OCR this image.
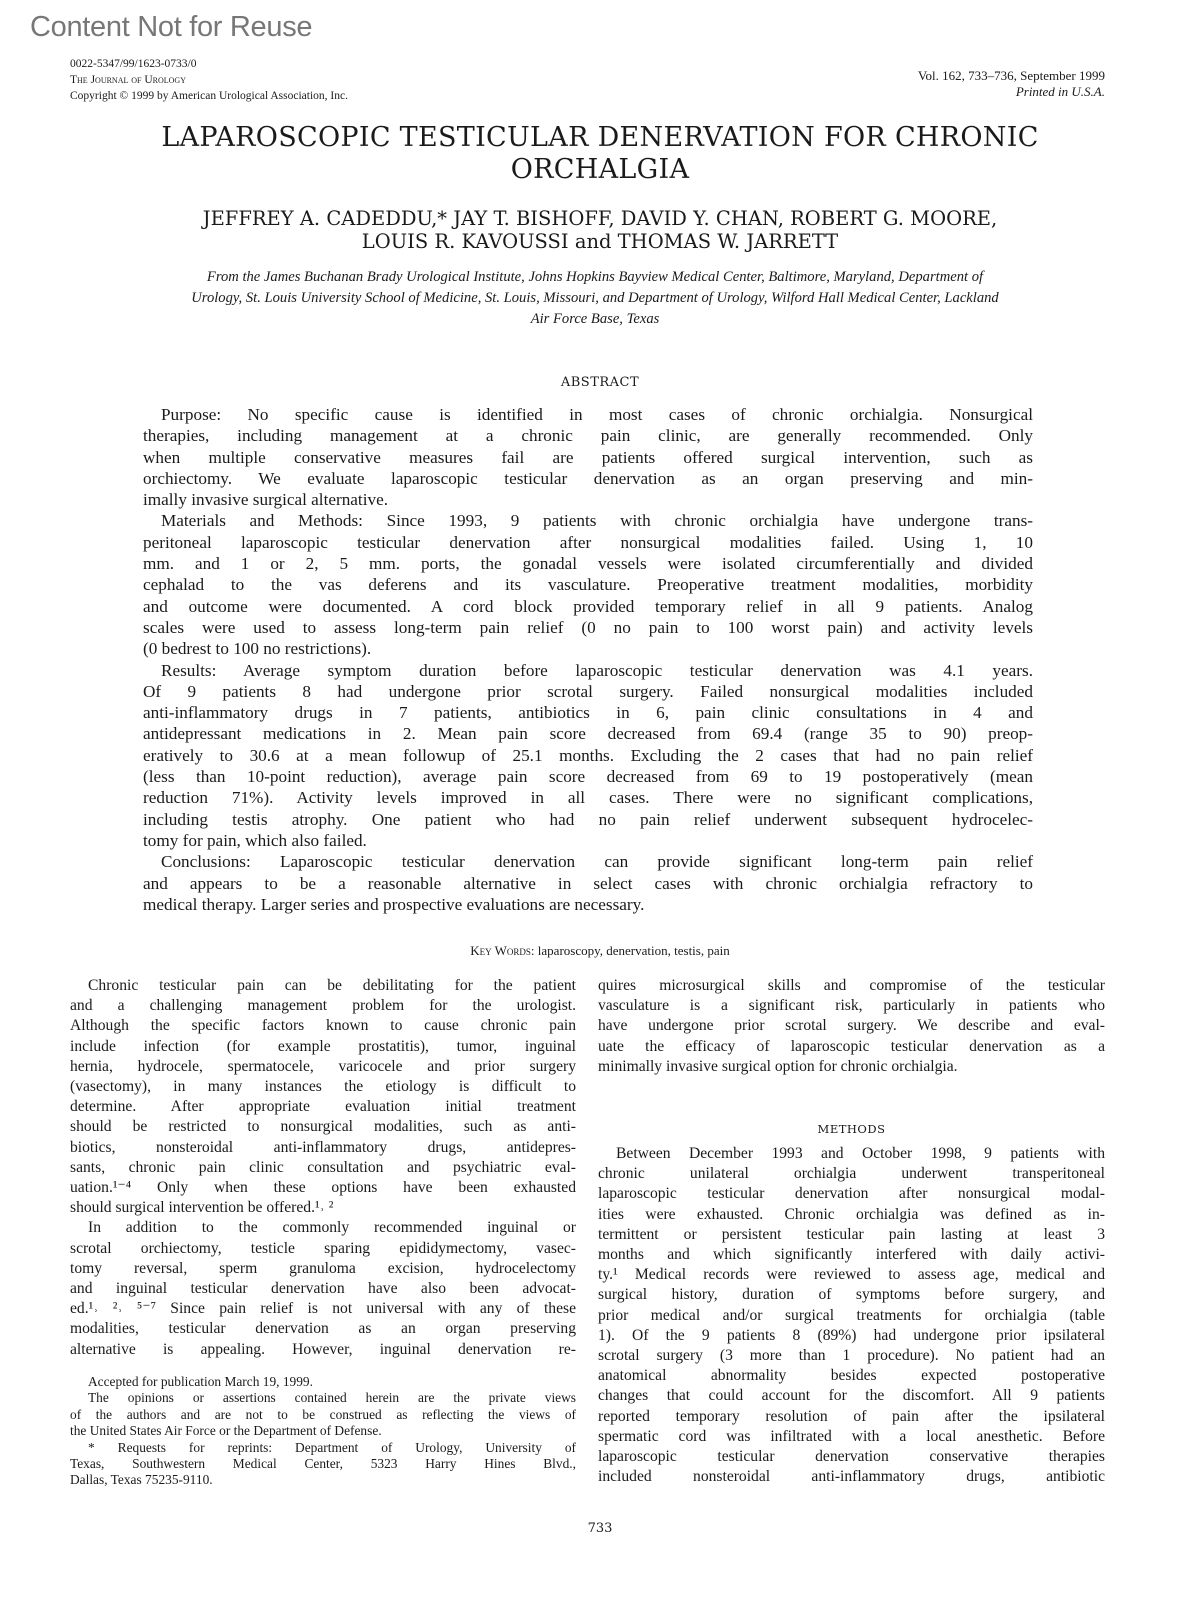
Content Not for Reuse
0022-5347/99/1623-0733/0
The Journal of Urology
Copyright © 1999 by American Urological Association, Inc.
Vol. 162, 733–736, September 1999
Printed in U.S.A.
LAPAROSCOPIC TESTICULAR DENERVATION FOR CHRONIC
ORCHALGIA
JEFFREY A. CADEDDU,* JAY T. BISHOFF, DAVID Y. CHAN, ROBERT G. MOORE,
LOUIS R. KAVOUSSI and THOMAS W. JARRETT
From the James Buchanan Brady Urological Institute, Johns Hopkins Bayview Medical Center, Baltimore, Maryland, Department of
Urology, St. Louis University School of Medicine, St. Louis, Missouri, and Department of Urology, Wilford Hall Medical Center, Lackland
Air Force Base, Texas
ABSTRACT
Purpose: No specific cause is identified in most cases of chronic orchialgia. Nonsurgical
therapies, including management at a chronic pain clinic, are generally recommended. Only
when multiple conservative measures fail are patients offered surgical intervention, such as
orchiectomy. We evaluate laparoscopic testicular denervation as an organ preserving and min-
imally invasive surgical alternative.
Materials and Methods: Since 1993, 9 patients with chronic orchialgia have undergone trans-
peritoneal laparoscopic testicular denervation after nonsurgical modalities failed. Using 1, 10
mm. and 1 or 2, 5 mm. ports, the gonadal vessels were isolated circumferentially and divided
cephalad to the vas deferens and its vasculature. Preoperative treatment modalities, morbidity
and outcome were documented. A cord block provided temporary relief in all 9 patients. Analog
scales were used to assess long-term pain relief (0 no pain to 100 worst pain) and activity levels
(0 bedrest to 100 no restrictions).
Results: Average symptom duration before laparoscopic testicular denervation was 4.1 years.
Of 9 patients 8 had undergone prior scrotal surgery. Failed nonsurgical modalities included
anti-inflammatory drugs in 7 patients, antibiotics in 6, pain clinic consultations in 4 and
antidepressant medications in 2. Mean pain score decreased from 69.4 (range 35 to 90) preop-
eratively to 30.6 at a mean followup of 25.1 months. Excluding the 2 cases that had no pain relief
(less than 10-point reduction), average pain score decreased from 69 to 19 postoperatively (mean
reduction 71%). Activity levels improved in all cases. There were no significant complications,
including testis atrophy. One patient who had no pain relief underwent subsequent hydrocelec-
tomy for pain, which also failed.
Conclusions: Laparoscopic testicular denervation can provide significant long-term pain relief
and appears to be a reasonable alternative in select cases with chronic orchialgia refractory to
medical therapy. Larger series and prospective evaluations are necessary.
Key Words: laparoscopy, denervation, testis, pain
Chronic testicular pain can be debilitating for the patient
and a challenging management problem for the urologist.
Although the specific factors known to cause chronic pain
include infection (for example prostatitis), tumor, inguinal
hernia, hydrocele, spermatocele, varicocele and prior surgery
(vasectomy), in many instances the etiology is difficult to
determine. After appropriate evaluation initial treatment
should be restricted to nonsurgical modalities, such as anti-
biotics, nonsteroidal anti-inflammatory drugs, antidepres-
sants, chronic pain clinic consultation and psychiatric eval-
uation.¹⁻⁴ Only when these options have been exhausted
should surgical intervention be offered.¹˒ ²
In addition to the commonly recommended inguinal or
scrotal orchiectomy, testicle sparing epididymectomy, vasec-
tomy reversal, sperm granuloma excision, hydrocelectomy
and inguinal testicular denervation have also been advocat-
ed.¹˒ ²˒ ⁵⁻⁷ Since pain relief is not universal with any of these
modalities, testicular denervation as an organ preserving
alternative is appealing. However, inguinal denervation re-
Accepted for publication March 19, 1999.
The opinions or assertions contained herein are the private views
of the authors and are not to be construed as reflecting the views of
the United States Air Force or the Department of Defense.
* Requests for reprints: Department of Urology, University of
Texas, Southwestern Medical Center, 5323 Harry Hines Blvd.,
Dallas, Texas 75235-9110.
quires microsurgical skills and compromise of the testicular
vasculature is a significant risk, particularly in patients who
have undergone prior scrotal surgery. We describe and eval-
uate the efficacy of laparoscopic testicular denervation as a
minimally invasive surgical option for chronic orchialgia.
METHODS
Between December 1993 and October 1998, 9 patients with
chronic unilateral orchialgia underwent transperitoneal
laparoscopic testicular denervation after nonsurgical modal-
ities were exhausted. Chronic orchialgia was defined as in-
termittent or persistent testicular pain lasting at least 3
months and which significantly interfered with daily activi-
ty.¹ Medical records were reviewed to assess age, medical and
surgical history, duration of symptoms before surgery, and
prior medical and/or surgical treatments for orchialgia (table
1). Of the 9 patients 8 (89%) had undergone prior ipsilateral
scrotal surgery (3 more than 1 procedure). No patient had an
anatomical abnormality besides expected postoperative
changes that could account for the discomfort. All 9 patients
reported temporary resolution of pain after the ipsilateral
spermatic cord was infiltrated with a local anesthetic. Before
laparoscopic testicular denervation conservative therapies
included nonsteroidal anti-inflammatory drugs, antibiotic
733
